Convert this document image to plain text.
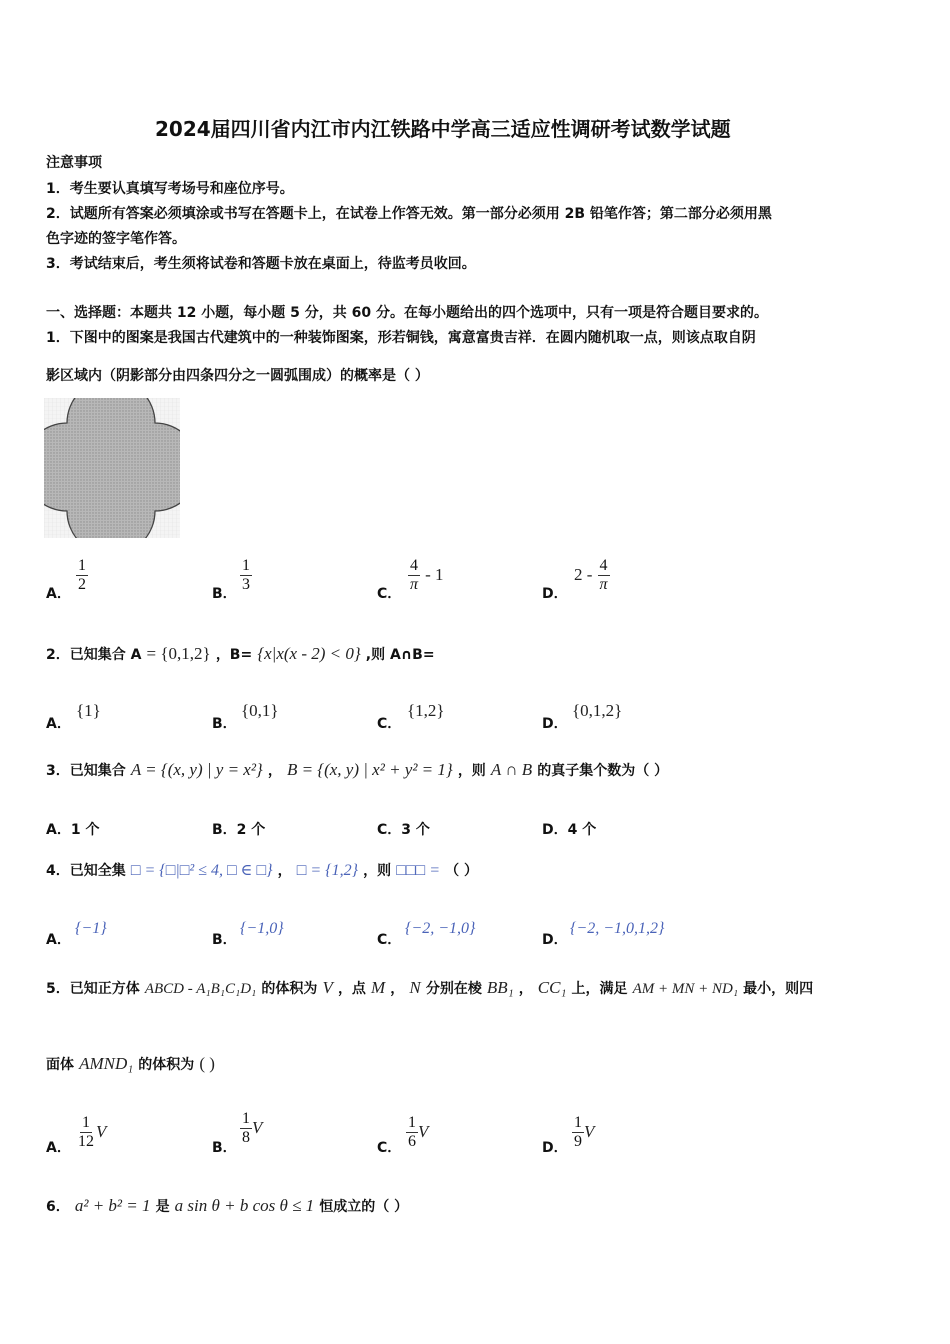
2024届四川省内江市内江铁路中学高三适应性调研考试数学试题
注意事项
1．考生要认真填写考场号和座位序号。
2．试题所有答案必须填涂或书写在答题卡上，在试卷上作答无效。第一部分必须用 2B 铅笔作答；第二部分必须用黑
色字迹的签字笔作答。
3．考试结束后，考生须将试卷和答题卡放在桌面上，待监考员收回。
一、选择题：本题共 12 小题，每小题 5 分，共 60 分。在每小题给出的四个选项中，只有一项是符合题目要求的。
1．下图中的图案是我国古代建筑中的一种装饰图案，形若铜钱，寓意富贵吉祥．在圆内随机取一点，则该点取自阴
影区域内（阴影部分由四条四分之一圆弧围成）的概率是（ ）
A． $\frac{1}{2}$	B． $\frac{1}{3}$	C． $\frac{4}{\pi} - 1$
D．
$2 - \frac{4}{\pi}$
2．已知集合 A = {0,1,2} ，B= {x|x(x - 2) < 0} ,则 A∩B=
A．
{1}
B．
{0,1}
C．
{1,2}
D．
{0,1,2}
3．已知集合 A = {(x, y) | y = x²} ， B = {(x, y) | x² + y² = 1} ，则 A ∩ B 的真子集个数为（ ）
A．1 个	B．2 个	C．3 个	D．4 个
4．已知全集 □ = {□|□² ≤ 4, □ ∈ □} ， □ = {1,2} ，则 □□□ = （ ）
A．
{−1}
B．
{−1,0}
C．
{−2, −1,0}
D．
{−2, −1,0,1,2}
5．已知正方体 ABCD - A₁B₁C₁D₁ 的体积为 V ，点 M ， N 分别在棱 BB₁ ， CC₁ 上，满足 AM + MN + ND₁ 最小，则四
面体 AMND₁ 的体积为 ( )
A． $\frac{1}{12}$ V
B．
$\frac{1}{8}$ V
C． $\frac{1}{6}$ V
D． $\frac{1}{9}$ V
6． a² + b² = 1 是 a sin θ + b cos θ ≤ 1 恒成立的（ ）
